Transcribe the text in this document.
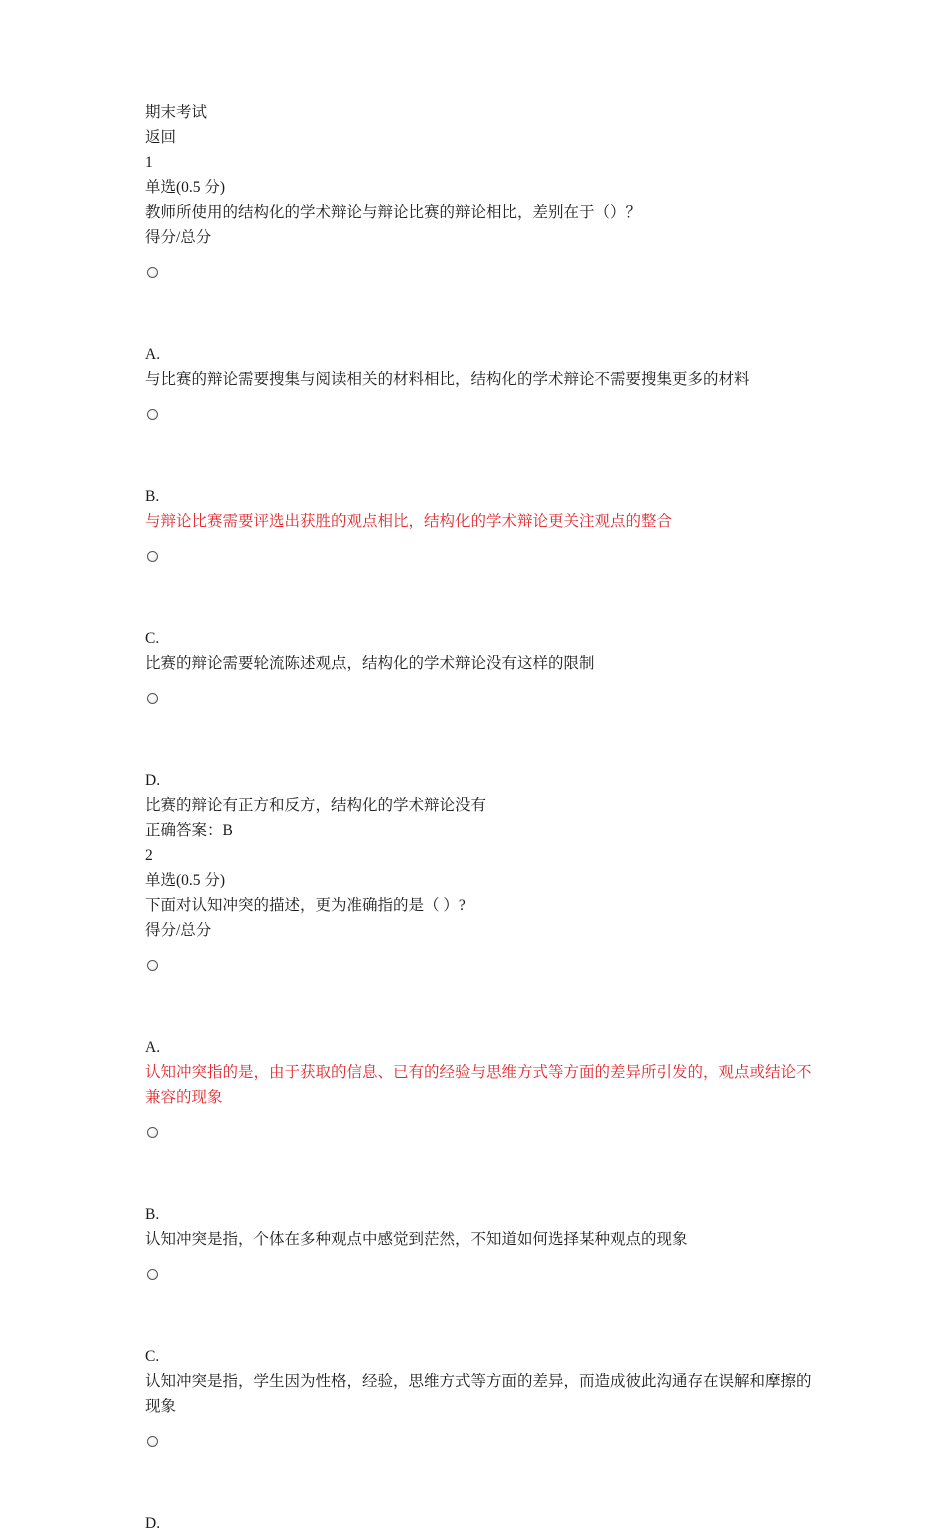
期末考试
返回
1
单选(0.5 分)
教师所使用的结构化的学术辩论与辩论比赛的辩论相比，差别在于（）？
得分/总分
A.
与比赛的辩论需要搜集与阅读相关的材料相比，结构化的学术辩论不需要搜集更多的材料
B.
与辩论比赛需要评选出获胜的观点相比，结构化的学术辩论更关注观点的整合
C.
比赛的辩论需要轮流陈述观点，结构化的学术辩论没有这样的限制
D.
比赛的辩论有正方和反方，结构化的学术辩论没有
正确答案：B
2
单选(0.5 分)
下面对认知冲突的描述，更为准确指的是（ ）?
得分/总分
A.
认知冲突指的是，由于获取的信息、已有的经验与思维方式等方面的差异所引发的，观点或结论不兼容的现象
B.
认知冲突是指，个体在多种观点中感觉到茫然，不知道如何选择某种观点的现象
C.
认知冲突是指，学生因为性格，经验，思维方式等方面的差异，而造成彼此沟通存在误解和摩擦的现象
D.
